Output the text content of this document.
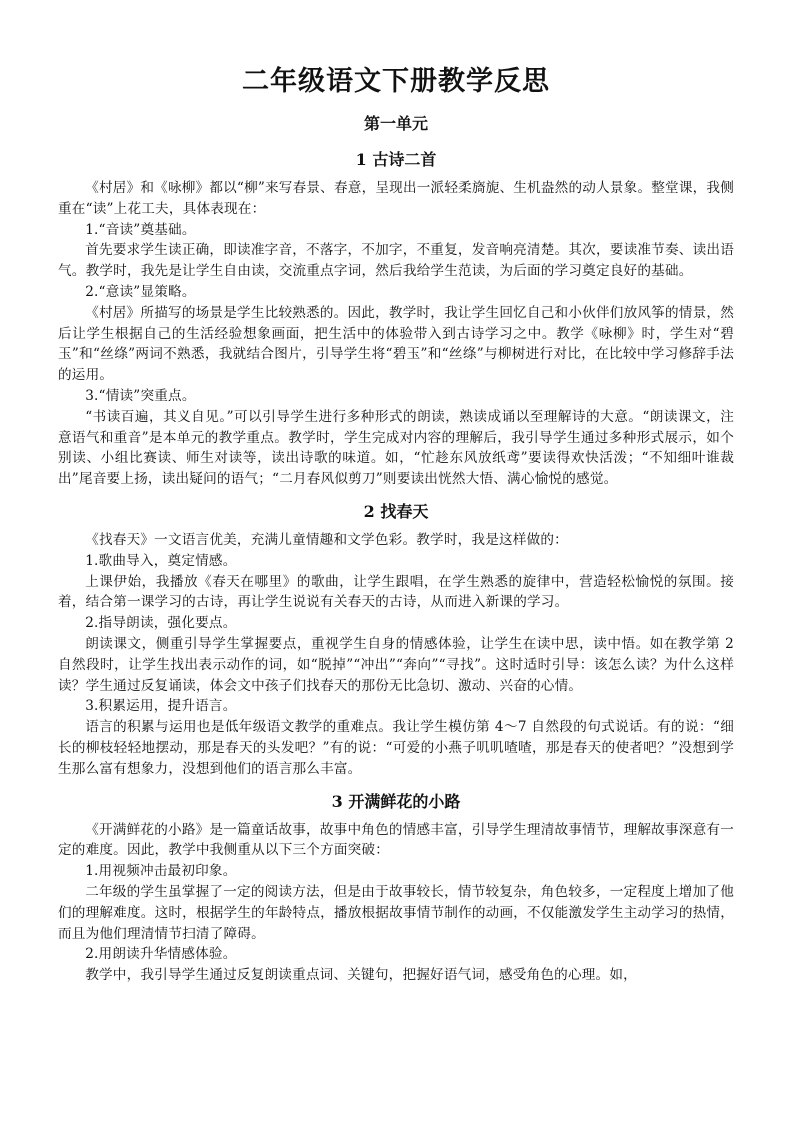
二年级语文下册教学反思
第一单元
1 古诗二首

《村居》和《咏柳》都以“柳”来写春景、春意，呈现出一派轻柔旖旎、生机盎然的动人景象。整堂课，我侧重在“读”上花工夫，具体表现在：

1.“音读”奠基础。

首先要求学生读正确，即读准字音，不落字，不加字，不重复，发音响亮清楚。其次，要读准节奏、读出语气。教学时，我先是让学生自由读，交流重点字词，然后我给学生范读，为后面的学习奠定良好的基础。

2.“意读”显策略。

《村居》所描写的场景是学生比较熟悉的。因此，教学时，我让学生回忆自己和小伙伴们放风筝的情景，然后让学生根据自己的生活经验想象画面，把生活中的体验带入到古诗学习之中。教学《咏柳》时，学生对“碧玉”和“丝绦”两词不熟悉，我就结合图片，引导学生将“碧玉”和“丝绦”与柳树进行对比，在比较中学习修辞手法的运用。

3.“情读”突重点。

“书读百遍，其义自见。”可以引导学生进行多种形式的朗读，熟读成诵以至理解诗的大意。“朗读课文，注意语气和重音”是本单元的教学重点。教学时，学生完成对内容的理解后，我引导学生通过多种形式展示，如个别读、小组比赛读、师生对读等，读出诗歌的味道。如，“忙趁东风放纸鸢”要读得欢快活泼；“不知细叶谁裁出”尾音要上扬，读出疑问的语气；“二月春风似剪刀”则要读出恍然大悟、满心愉悦的感觉。

2 找春天

《找春天》一文语言优美，充满儿童情趣和文学色彩。教学时，我是这样做的：

1.歌曲导入，奠定情感。

上课伊始，我播放《春天在哪里》的歌曲，让学生跟唱，在学生熟悉的旋律中，营造轻松愉悦的氛围。接着，结合第一课学习的古诗，再让学生说说有关春天的古诗，从而进入新课的学习。

2.指导朗读，强化要点。

朗读课文，侧重引导学生掌握要点，重视学生自身的情感体验，让学生在读中思，读中悟。如在教学第 2 自然段时，让学生找出表示动作的词，如“脱掉”“冲出”“奔向”“寻找”。这时适时引导：该怎么读？为什么这样读？学生通过反复诵读，体会文中孩子们找春天的那份无比急切、激动、兴奋的心情。

3.积累运用，提升语言。

语言的积累与运用也是低年级语文教学的重难点。我让学生模仿第 4～7 自然段的句式说话。有的说：“细长的柳枝轻轻地摆动，那是春天的头发吧？”有的说：“可爱的小燕子叽叽喳喳，那是春天的使者吧？”没想到学生那么富有想象力，没想到他们的语言那么丰富。

3 开满鲜花的小路

《开满鲜花的小路》是一篇童话故事，故事中角色的情感丰富，引导学生理清故事情节，理解故事深意有一定的难度。因此，教学中我侧重从以下三个方面突破：

1.用视频冲击最初印象。

二年级的学生虽掌握了一定的阅读方法，但是由于故事较长，情节较复杂，角色较多，一定程度上增加了他们的理解难度。这时，根据学生的年龄特点，播放根据故事情节制作的动画，不仅能激发学生主动学习的热情，而且为他们理清情节扫清了障碍。

2.用朗读升华情感体验。

教学中，我引导学生通过反复朗读重点词、关键句，把握好语气词，感受角色的心理。如，
